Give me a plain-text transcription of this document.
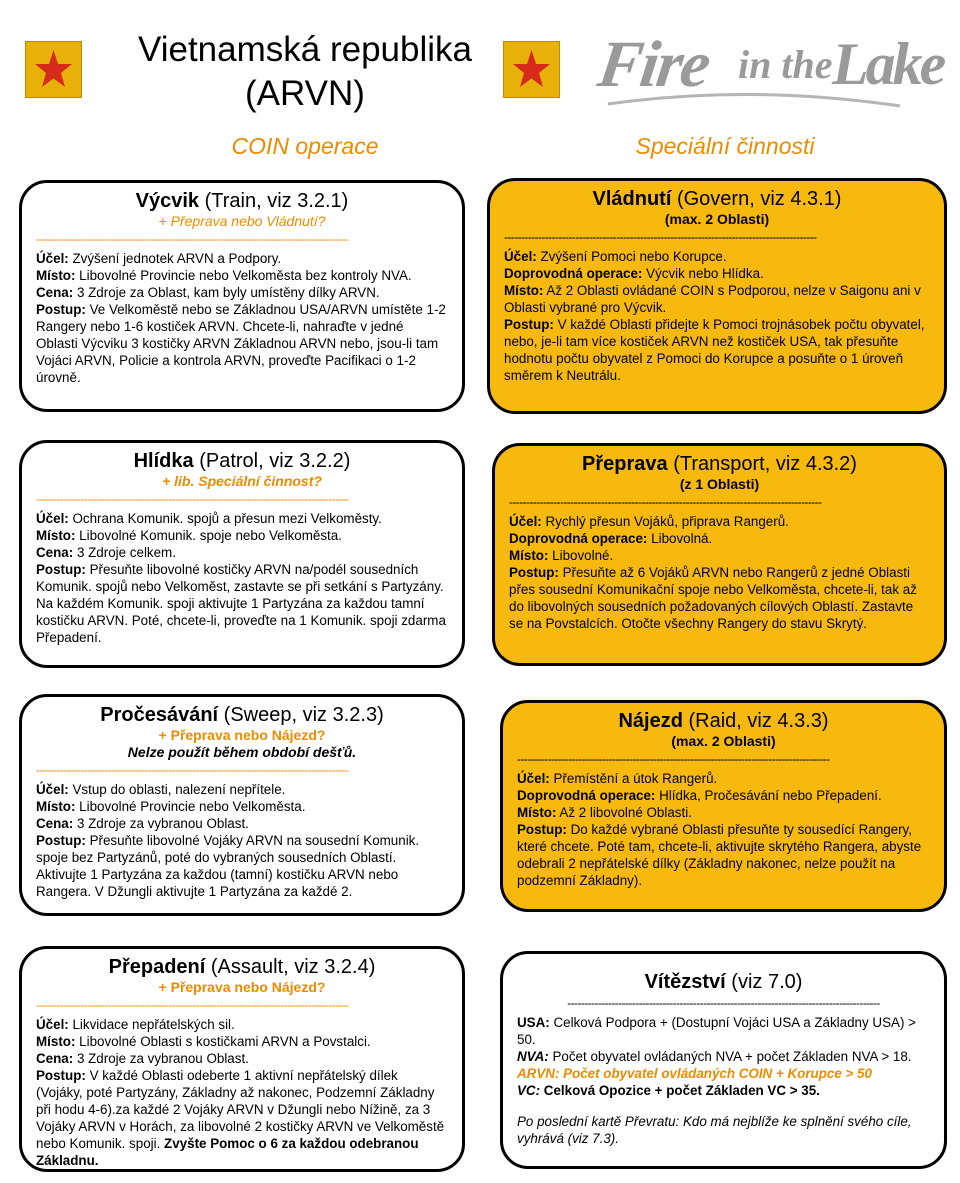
Vietnamská republika
(ARVN)	Fire in the Lake
COIN operace	Speciální činnosti
Výcvik (Train, viz 3.2.1)
+ Přeprava nebo Vládnutí?
--------------------------------------------------------------------------------------------

Účel: Zvýšení jednotek ARVN a Podpory.

Místo: Libovolné Provincie nebo Velkoměsta bez kontroly NVA.

Cena: 3 Zdroje za Oblast, kam byly umístěny dílky ARVN.

Postup: Ve Velkoměstě nebo se Základnou USA/ARVN umístěte 1-2 Rangery nebo 1-6 kostiček ARVN. Chcete-li, nahraďte v jedné Oblasti Výcviku 3 kostičky ARVN Základnou ARVN nebo, jsou-li tam Vojáci ARVN, Policie a kontrola ARVN, proveďte Pacifikaci o 1-2 úrovně.

Vládnutí (Govern, viz 4.3.1)
(max. 2 Oblasti)
--------------------------------------------------------------------------------------------

Účel: Zvýšení Pomoci nebo Korupce.

Doprovodná operace: Výcvik nebo Hlídka.

Místo: Až 2 Oblasti ovládané COIN s Podporou, nelze v Saigonu ani v Oblasti vybrané pro Výcvik.

Postup: V každé Oblasti přidejte k Pomoci trojnásobek počtu obyvatel, nebo, je-li tam více kostiček ARVN než kostiček USA, tak přesuňte hodnotu počtu obyvatel z Pomoci do Korupce a posuňte o 1 úroveň směrem k Neutrálu.

Hlídka (Patrol, viz 3.2.2)
+ lib. Speciální činnost?
--------------------------------------------------------------------------------------------

Účel: Ochrana Komunik. spojů a přesun mezi Velkoměsty.

Místo: Libovolné Komunik. spoje nebo Velkoměsta.

Cena: 3 Zdroje celkem.

Postup: Přesuňte libovolné kostičky ARVN na/podél sousedních Komunik. spojů nebo Velkoměst, zastavte se při setkání s Partyzány. Na každém Komunik. spoji aktivujte 1 Partyzána za každou tamní kostičku ARVN. Poté, chcete-li, proveďte na 1 Komunik. spoji zdarma Přepadení.

Přeprava (Transport, viz 4.3.2)
(z 1 Oblasti)
--------------------------------------------------------------------------------------------

Účel: Rychlý přesun Vojáků, připrava Rangerů.

Doprovodná operace: Libovolná.

Místo: Libovolné.

Postup: Přesuňte až 6 Vojáků ARVN nebo Rangerů z jedné Oblasti přes sousední Komunikační spoje nebo Velkoměsta, chcete-li, tak až do libovolných sousedních požadovaných cílových Oblastí. Zastavte se na Povstalcích. Otočte všechny Rangery do stavu Skrytý.

Pročesávání (Sweep, viz 3.2.3)
+ Přeprava nebo Nájezd?
Nelze použít během období dešťů.
--------------------------------------------------------------------------------------------

Účel: Vstup do oblasti, nalezení nepřítele.

Místo: Libovolné Provincie nebo Velkoměsta.

Cena: 3 Zdroje za vybranou Oblast.

Postup: Přesuňte libovolné Vojáky ARVN na sousední Komunik. spoje bez Partyzánů, poté do vybraných sousedních Oblastí. Aktivujte 1 Partyzána za každou (tamní) kostičku ARVN nebo Rangera. V Džungli aktivujte 1 Partyzána za každé 2.

Nájezd (Raid, viz 4.3.3)
(max. 2 Oblasti)
--------------------------------------------------------------------------------------------

Účel: Přemístění a útok Rangerů.

Doprovodná operace: Hlídka, Pročesávání nebo Přepadení.

Místo: Až 2 libovolné Oblasti.

Postup: Do každé vybrané Oblasti přesuňte ty sousedící Rangery, které chcete. Poté tam, chcete-li, aktivujte skrytého Rangera, abyste odebrali 2 nepřátelské dílky (Základny nakonec, nelze použít na podzemní Základny).

Přepadení (Assault, viz 3.2.4)
+ Přeprava nebo Nájezd?
--------------------------------------------------------------------------------------------

Účel: Likvidace nepřátelských sil.

Místo: Libovolné Oblasti s kostičkami ARVN a Povstalci.

Cena: 3 Zdroje za vybranou Oblast.

Postup: V každé Oblasti odeberte 1 aktivní nepřátelský dílek (Vojáky, poté Partyzány, Základny až nakonec, Podzemní Základny při hodu 4-6).za každé 2 Vojáky ARVN v Džungli nebo Nížině, za 3 Vojáky ARVN v Horách, za libovolné 2 kostičky ARVN ve Velkoměstě nebo Komunik. spoji. Zvyšte Pomoc o 6 za každou odebranou Základnu.

Vítězství (viz 7.0)
--------------------------------------------------------------------------------------------

USA: Celková Podpora + (Dostupní Vojáci USA a Základny USA) > 50.

NVA: Počet obyvatel ovládaných NVA + počet Základen NVA > 18.

ARVN: Počet obyvatel ovládaných COIN + Korupce > 50

VC: Celková Opozice + počet Základen VC > 35.

Po poslední kartě Převratu: Kdo má nejblíže ke splnění svého cíle, vyhrává (viz 7.3).
